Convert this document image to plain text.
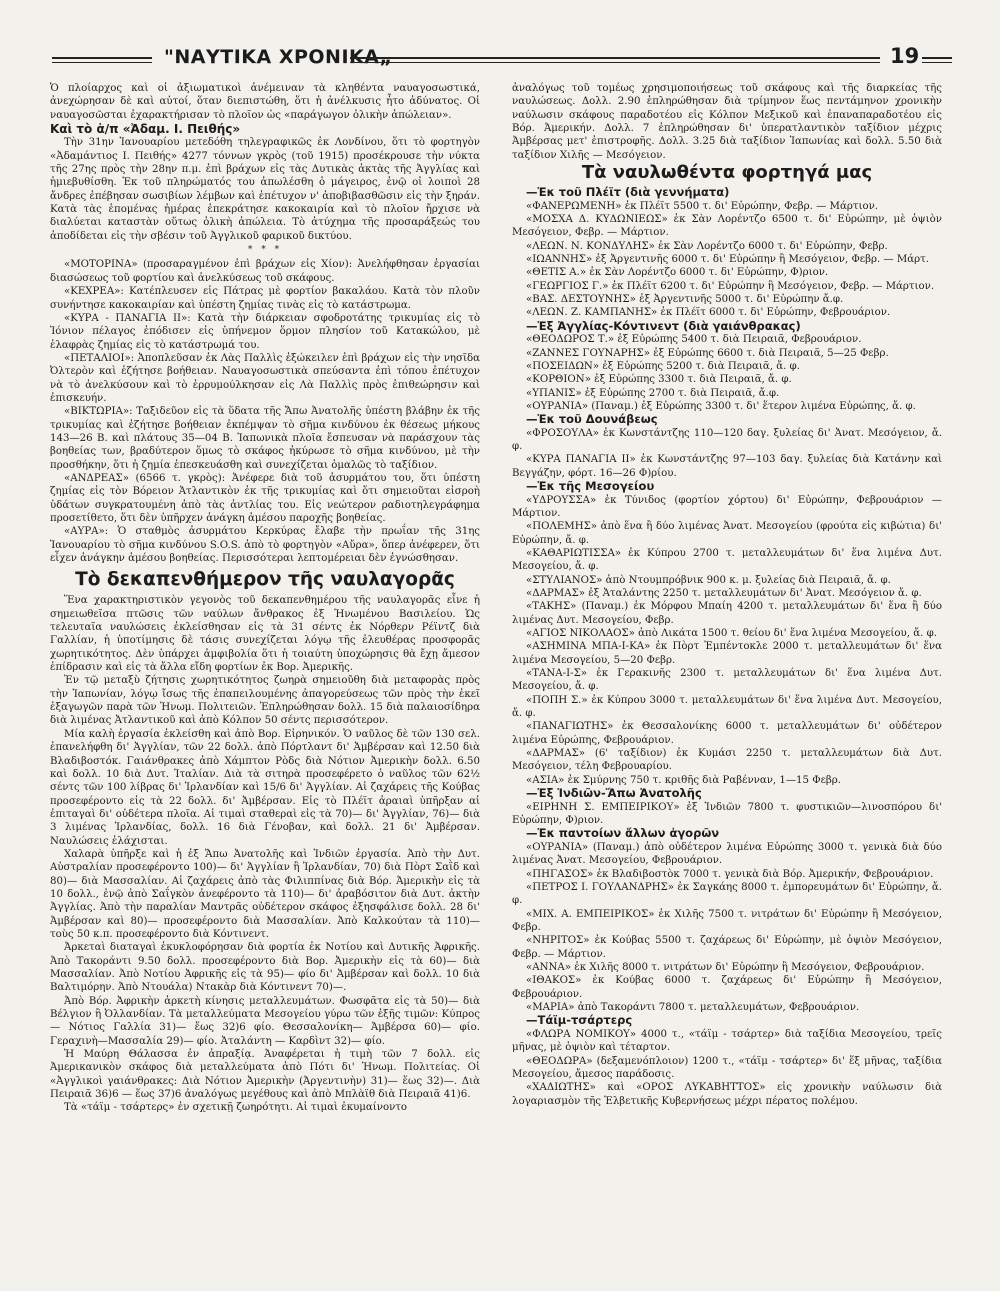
"ΝΑΥΤΙΚΑ ΧΡΟΝΙΚΑ„	19

Ὁ πλοίαρχος καὶ οἱ ἀξιωματικοὶ ἀνέμειναν τὰ κληθέντα ναυαγοσωστικά, ἀνεχώρησαν δὲ καὶ αὐτοί, ὅταν διεπιστώθη, ὅτι ἡ ἀνέλκυσις ἦτο ἀδύνατος. Οἱ ναυαγοσῶσται ἐχαρακτήρισαν τὸ πλοῖον ὡς «παράγωγον ὁλικὴν ἀπώλειαν».

Καὶ τὸ ἁ/π «Ἀδαμ. Ι. Πειθής»

Τὴν 31ην Ἰανουαρίου μετεδόθη τηλεγραφικῶς ἐκ Λονδίνου, ὅτι τὸ φορτηγὸν «Ἀδαμάντιος Ι. Πειθής» 4277 τόννων γκρὸς (τοῦ 1915) προσέκρουσε τὴν νύκτα τῆς 27ης πρὸς τὴν 28ην π.μ. ἐπὶ βράχων εἰς τὰς Δυτικὰς ἀκτὰς τῆς Ἀγγλίας καὶ ἡμιεβυθίσθη. Ἐκ τοῦ πληρώματός του ἀπωλέσθη ὁ μάγειρος, ἐνῷ οἱ λοιποὶ 28 ἄνδρες ἐπέβησαν σωσιβίων λέμβων καὶ ἐπέτυχον ν' ἀποβιβασθῶσιν εἰς τὴν ξηράν. Κατὰ τὰς ἑπομένας ἡμέρας ἐπεκράτησε κακοκαιρία καὶ τὸ πλοῖον ἤρχισε νὰ διαλύεται καταστὰν οὕτως ὁλικὴ ἀπώλεια. Τὸ ἀτύχημα τῆς προσαράξεώς του ἀποδίδεται εἰς τὴν σβέσιν τοῦ Ἀγγλικοῦ φαρικοῦ δικτύου.

* * *

«ΜΟΤΟΡΙΝΑ» (προσαραγμένον ἐπὶ βράχων εἰς Χίον): Ἀνελήφθησαν ἐργασίαι διασώσεως τοῦ φορτίου καὶ ἀνελκύσεως τοῦ σκάφους.

«ΚΕΧΡΕΑ»: Κατέπλευσεν εἰς Πάτρας μὲ φορτίον βακαλάου. Κατὰ τὸν πλοῦν συνήντησε κακοκαιρίαν καὶ ὑπέστη ζημίας τινὰς εἰς τὸ κατάστρωμα.

«ΚΥΡΑ - ΠΑΝΑΓΙΑ ΙΙ»: Κατὰ τὴν διάρκειαν σφοδροτάτης τρικυμίας εἰς τὸ Ἰόνιον πέλαγος ἐπόδισεν εἰς ὑπήνεμον ὅρμον πλησίον τοῦ Κατακώλου, μὲ ἐλαφρὰς ζημίας εἰς τὸ κατάστρωμά του.

«ΠΕΤΑΛΙΟΙ»: Ἀποπλεῦσαν ἐκ Λὰς Παλλὶς ἐξώκειλεν ἐπὶ βράχων εἰς τὴν νησῖδα Ὀλτερὸν καὶ ἐζήτησε βοήθειαν. Ναυαγοσωστικὰ σπεύσαντα ἐπὶ τόπου ἐπέτυχον νὰ τὸ ἀνελκύσουν καὶ τὸ ἐρρυμούλκησαν εἰς Λὰ Παλλὶς πρὸς ἐπιθεώρησιν καὶ ἐπισκευήν.

«ΒΙΚΤΩΡΙΑ»: Ταξιδεῦον εἰς τὰ ὕδατα τῆς Ἄπω Ἀνατολῆς ὑπέστη βλάβην ἐκ τῆς τρικυμίας καὶ ἐζήτησε βοήθειαν ἐκπέμψαν τὸ σῆμα κινδύνου ἐκ θέσεως μήκους 143—26 Β. καὶ πλάτους 35—04 Β. Ἰαπωνικὰ πλοῖα ἔσπευσαν νὰ παράσχουν τὰς βοηθείας των, βραδύτερον ὅμως τὸ σκάφος ἠκύρωσε τὸ σῆμα κινδύνου, μὲ τὴν προσθήκην, ὅτι ἡ ζημία ἐπεσκευάσθη καὶ συνεχίζεται ὁμαλῶς τὸ ταξίδιον.

«ΑΝΔΡΕΑΣ» (6566 τ. γκρὸς): Ἀνέφερε διὰ τοῦ ἀσυρμάτου του, ὅτι ὑπέστη ζημίας εἰς τὸν Βόρειον Ἀτλαντικὸν ἐκ τῆς τρικυμίας καὶ ὅτι σημειοῦται εἰσροὴ ὑδάτων συγκρατουμένη ἀπὸ τὰς ἀντλίας του. Εἰς νεώτερον ραδιοτηλεγράφημα προσετίθετο, ὅτι δὲν ὑπῆρχεν ἀνάγκη ἀμέσου παροχῆς βοηθείας.

«ΑΥΡΑ»: Ὁ σταθμὸς ἀσυρμάτου Κερκύρας ἔλαβε τὴν πρωΐαν τῆς 31ης Ἰανουαρίου τὸ σῆμα κινδύνου S.O.S. ἀπὸ τὸ φορτηγὸν «Αὔρα», ὅπερ ἀνέφερεν, ὅτι εἶχεν ἀνάγκην ἀμέσου βοηθείας. Περισσότεραι λεπτομέρειαι δὲν ἐγνώσθησαν.

Τὸ δεκαπενθήμερον τῆς ναυλαγορᾶς

Ἕνα χαρακτηριστικὸν γεγονὸς τοῦ δεκαπενθημέρου τῆς ναυλαγορᾶς εἶνε ἡ σημειωθεῖσα πτῶσις τῶν ναύλων ἄνθρακος ἐξ Ἡνωμένου Βασιλείου. Ὡς τελευταῖα ναυλώσεις ἐκλείσθησαν εἰς τὰ 31 σέντς ἐκ Νόρθερν Ρέϊντζ διὰ Γαλλίαν, ἡ ὑποτίμησις δὲ τάσις συνεχίζεται λόγῳ τῆς ἐλευθέρας προσφορᾶς χωρητικότητος. Δὲν ὑπάρχει ἀμφιβολία ὅτι ἡ τοιαύτη ὑποχώρησις θὰ ἔχῃ ἄμεσον ἐπίδρασιν καὶ εἰς τὰ ἄλλα εἴδη φορτίων ἐκ Βορ. Ἀμερικῆς.

Ἐν τῷ μεταξὺ ζήτησις χωρητικότητος ζωηρὰ σημειοῦθη διὰ μεταφορὰς πρὸς τὴν Ἰαπωνίαν, λόγῳ ἴσως τῆς ἐπαπειλουμένης ἀπαγορεύσεως τῶν πρὸς τὴν ἐκεῖ ἐξαγωγῶν παρὰ τῶν Ἡνωμ. Πολιτειῶν. Ἐπληρώθησαν δολλ. 15 διὰ παλαιοσίδηρα διὰ λιμένας Ἀτλαντικοῦ καὶ ἀπὸ Κόλπον 50 σέντς περισσότερον.

Μία καλὴ ἐργασία ἐκλείσθη καὶ ἀπὸ Βορ. Εἰρηνικόν. Ὁ ναῦλος δὲ τῶν 130 σελ. ἐπανελήφθη δι' Ἀγγλίαν, τῶν 22 δολλ. ἀπὸ Πόρτλαντ δι' Ἀμβέρσαν καὶ 12.50 διὰ Βλαδιβοστόκ. Γαιάνθρακες ἀπὸ Χάμπτον Ρὸδς διὰ Νότιον Ἀμερικὴν δολλ. 6.50 καὶ δολλ. 10 διὰ Δυτ. Ἰταλίαν. Διὰ τὰ σιτηρὰ προσεφέρετο ὁ ναῦλος τῶν 62½ σέντς τῶν 100 λίβρας δι' Ἰρλανδίαν καὶ 15/6 δι' Ἀγγλίαν. Αἱ ζαχάρεις τῆς Κούβας προσεφέροντο εἰς τὰ 22 δολλ. δι' Ἀμβέρσαν. Εἰς τὸ Πλέϊτ ἀραιαὶ ὑπῆρξαν αἱ ἐπιταγαὶ δι' οὐδέτερα πλοῖα. Αἱ τιμαὶ σταθεραὶ εἰς τὰ 70)— δι' Ἀγγλίαν, 76)— διὰ 3 λιμένας Ἰρλανδίας, δολλ. 16 διὰ Γένοβαν, καὶ δολλ. 21 δι' Ἀμβέρσαν. Ναυλώσεις ἐλάχισται.

Χαλαρὰ ὑπῆρξε καὶ ἡ ἐξ Ἄπω Ἀνατολῆς καὶ Ἰνδιῶν ἐργασία. Ἀπὸ τὴν Δυτ. Αὐστραλίαν προσεφέροντο 100)— δι' Ἀγγλίαν ἢ Ἰρλανδίαν, 70) διὰ Πὸρτ Σαῒδ καὶ 80)— διὰ Μασσαλίαν. Αἱ ζαχάρεις ἀπὸ τὰς Φιλιππίνας διὰ Βόρ. Ἀμερικὴν εἰς τὰ 10 δολλ., ἐνῷ ἀπὸ Σαΐγκὸν ἀνεφέροντο τὰ 110)— δι' ἀραβόσιτον διὰ Δυτ. ἀκτὴν Ἀγγλίας. Ἀπὸ τὴν παραλίαν Μαντρᾶς οὐδέτερον σκάφος ἐξησφάλισε δολλ. 28 δι' Ἀμβέρσαν καὶ 80)— προσεφέροντο διὰ Μασσαλίαν. Ἀπὸ Καλκούταν τὰ 110)— τοὺς 50 κ.π. προσεφέροντο διὰ Κόντινεντ.

Ἀρκεταὶ διαταγαὶ ἐκυκλοφόρησαν διὰ φορτία ἐκ Νοτίου καὶ Δυτικῆς Ἀφρικῆς. Ἀπὸ Τακοράντι 9.50 δολλ. προσεφέροντο διὰ Βορ. Ἀμερικὴν εἰς τὰ 60)— διὰ Μασσαλίαν. Ἀπὸ Νοτίου Ἀφρικῆς εἰς τὰ 95)— φίο δι' Ἀμβέρσαν καὶ δολλ. 10 διὰ Βαλτιμόρην. Ἀπὸ Ντουάλα) Ντακὰρ διὰ Κόντινεντ 70)—.

Ἀπὸ Βόρ. Ἀφρικὴν ἀρκετὴ κίνησις μεταλλευμάτων. Φωσφᾶτα εἰς τὰ 50)— διὰ Βέλγιον ἢ Ὀλλανδίαν. Τὰ μεταλλεύματα Μεσογείου γύρω τῶν ἑξῆς τιμῶν: Κύπρος — Νότιος Γαλλία 31)— ἕως 32)6 φίο. Θεσσαλονίκη— Ἀμβέρσα 60)— φίο. Γεραχινὴ—Μασσαλία 29)— φίο. Ἀταλάντη — Καρδὶντ 32)— φίο.

Ἡ Μαύρη Θάλασσα ἐν ἀπραξίᾳ. Ἀναφέρεται ἡ τιμὴ τῶν 7 δολλ. εἰς Ἀμερικανικὸν σκάφος διὰ μεταλλεύματα ἀπὸ Πότι δι' Ἡνωμ. Πολιτείας. Οἱ «Ἀγγλικοὶ γαιάνθρακες: Διὰ Νότιον Ἀμερικὴν (Ἀργεντινὴν) 31)— ἕως 32)—. Διὰ Πειραιᾶ 36)6 — ἕως 37)6 ἀναλόγως μεγέθους καὶ ἀπὸ Μπλὰϊθ διὰ Πειραιᾶ 41)6.

Τὰ «τάϊμ - τσάρτερς» ἐν σχετικῇ ζωηρότητι. Αἱ τιμαὶ ἐκυμαίνοντο

ἀναλόγως τοῦ τομέως χρησιμοποιήσεως τοῦ σκάφους καὶ τῆς διαρκείας τῆς ναυλώσεως. Δολλ. 2.90 ἐπληρώθησαν διὰ τρίμηνον ἕως πεντάμηνον χρονικὴν ναύλωσιν σκάφους παραδοτέου εἰς Κόλπον Μεξικοῦ καὶ ἐπαναπαραδοτέου εἰς Βόρ. Ἀμερικήν. Δολλ. 7 ἐπληρώθησαν δι' ὑπερατλαντικὸν ταξίδιον μέχρις Ἀμβέρσας μετ' ἐπιστροφῆς. Δολλ. 3.25 διὰ ταξίδιον Ἰαπωνίας καὶ δολλ. 5.50 διὰ ταξίδιον Χιλῆς — Μεσόγειον.

Τὰ ναυλωθέντα φορτηγά μας

—Ἐκ τοῦ Πλέϊτ (διὰ γεννήματα)

«ΦΑΝΕΡΩΜΕΝΗ» ἐκ Πλέϊτ 5500 τ. δι' Εὐρώπην, Φεβρ. — Μάρτιον.

«ΜΟΣΧΑ Δ. ΚΥΔΩΝΙΕΩΣ» ἐκ Σὰν Λορέντζο 6500 τ. δι' Εὐρώπην, μὲ ὀψιὸν Μεσόγειον, Φεβρ. — Μάρτιον.

«ΛΕΩΝ. Ν. ΚΟΝΔΥΛΗΣ» ἐκ Σὰν Λορέντζο 6000 τ. δι' Εὐρώπην, Φεβρ.

«ΙΩΑΝΝΗΣ» ἐξ Ἀργεντινῆς 6000 τ. δι' Εὐρώπην ἢ Μεσόγειον, Φεβρ. — Μάρτ.

«ΘΕΤΙΣ Α.» ἐκ Σὰν Λορέντζο 6000 τ. δι' Εὐρώπην, Φ)ριον.

«ΓΕΩΡΓΙΟΣ Γ.» ἐκ Πλέϊτ 6200 τ. δι' Εὐρώπην ἢ Μεσόγειον, Φεβρ. — Μάρτιον.

«ΒΑΣ. ΔΕΣΤΟΥΝΗΣ» ἐξ Ἀργεντινῆς 5000 τ. δι' Εὐρώπην ἄ.φ.

«ΛΕΩΝ. Ζ. ΚΑΜΠΑΝΗΣ» ἐκ Πλέϊτ 6000 τ. δι' Εὐρώπην, Φεβρουάριον.

—Ἐξ Ἀγγλίας-Κόντινεντ (διὰ γαιάνθρακας)

«ΘΕΟΔΩΡΟΣ Τ.» ἐξ Εὐρώπης 5400 τ. διὰ Πειραιᾶ, Φεβρουάριον.

«ΖΑΝΝΕΣ ΓΟΥΝΑΡΗΣ» ἐξ Εὐρώπης 6600 τ. διὰ Πειραιᾶ, 5—25 Φεβρ.

«ΠΟΣΕΙΔΩΝ» ἐξ Εὐρώπης 5200 τ. διὰ Πειραιᾶ, ἄ. φ.

«ΚΟΡΘΙΟΝ» ἐξ Εὐρώπης 3300 τ. διὰ Πειραιᾶ, ἄ. φ.

«ΥΠΑΝΙΣ» ἐξ Εὐρώπης 2700 τ. διὰ Πειραιᾶ, ἄ.φ.

«ΟΥΡΑΝΙΑ» (Παναμ.) ἐξ Εὐρώπης 3300 τ. δι' ἕτερον λιμένα Εὐρώπης, ἄ. φ.

—Ἐκ τοῦ Δουνάβεως

«ΦΡΟΣΟΥΛΑ» ἐκ Κωνστάντζης 110—120 δαγ. ξυλείας δι' Ἀνατ. Μεσόγειον, ἄ. φ.

«ΚΥΡΑ ΠΑΝΑΓΙΑ ΙΙ» ἐκ Κωνστάντζης 97—103 δαγ. ξυλείας διὰ Κατάνην καὶ Βεγγάζην, φόρτ. 16—26 Φ)ρίου.

—Ἐκ τῆς Μεσογείου

«ΥΔΡΟΥΣΣΑ» ἐκ Τύνιδος (φορτίον χόρτου) δι' Εὐρώπην, Φεβρουάριον — Μάρτιον.

«ΠΟΛΕΜΗΣ» ἀπὸ ἕνα ἢ δύο λιμένας Ἀνατ. Μεσογείου (φρούτα εἰς κιβώτια) δι' Εὐρώπην, ἄ. φ.

«ΚΑΘΑΡΙΩΤΙΣΣΑ» ἐκ Κύπρου 2700 τ. μεταλλευμάτων δι' ἕνα λιμένα Δυτ. Μεσογείου, ἄ. φ.

«ΣΤΥΛΙΑΝΟΣ» ἀπὸ Ντουμπρόβνικ 900 κ. μ. ξυλείας διὰ Πειραιᾶ, ἄ. φ.

«ΔΑΡΜΑΣ» ἐξ Ἀταλάντης 2250 τ. μεταλλευμάτων δι' Ἀνατ. Μεσόγειον ἄ. φ.

«ΤΑΚΗΣ» (Παναμ.) ἐκ Μόρφου Μπαίη 4200 τ. μεταλλευμάτων δι' ἕνα ἢ δύο λιμένας Δυτ. Μεσογείου, Φεβρ.

«ΑΓΙΟΣ ΝΙΚΟΛΑΟΣ» ἀπὸ Λικάτα 1500 τ. θείου δι' ἕνα λιμένα Μεσογείου, ἄ. φ.

«ΑΣΗΜΙΝΑ ΜΠΑ-Ι-ΚΑ» ἐκ Πὸρτ Ἐμπέντοκλε 2000 τ. μεταλλευμάτων δι' ἕνα λιμένα Μεσογείου, 5—20 Φεβρ.

«ΤΑΝΑ-Ι-Σ» ἐκ Γερακινῆς 2300 τ. μεταλλευμάτων δι' ἕνα λιμένα Δυτ. Μεσογείου, ἄ. φ.

«ΠΟΠΗ Σ.» ἐκ Κύπρου 3000 τ. μεταλλευμάτων δι' ἕνα λιμένα Δυτ. Μεσογείου, ἄ. φ.

«ΠΑΝΑΓΙΩΤΗΣ» ἐκ Θεσσαλονίκης 6000 τ. μεταλλευμάτων δι' οὐδέτερον λιμένα Εὐρώπης, Φεβρουάριον.

«ΔΑΡΜΑΣ» (6' ταξίδιον) ἐκ Κυμάσι 2250 τ. μεταλλευμάτων διὰ Δυτ. Μεσόγειον, τέλη Φεβρουαρίου.

«ΑΣΙΑ» ἐκ Σμύρνης 750 τ. κριθῆς διὰ Ραβένναν, 1—15 Φεβρ.

—Ἐξ Ἰνδιῶν-Ἄπω Ἀνατολῆς

«ΕΙΡΗΝΗ Σ. ΕΜΠΕΙΡΙΚΟΥ» ἐξ Ἰνδιῶν 7800 τ. φυστικιῶν—λινοσπόρου δι' Εὐρώπην, Φ)ριον.

—Ἐκ παντοίων ἄλλων ἀγορῶν

«ΟΥΡΑΝΙΑ» (Παναμ.) ἀπὸ οὐδέτερον λιμένα Εὐρώπης 3000 τ. γενικὰ διὰ δύο λιμένας Ἀνατ. Μεσογείου, Φεβρουάριον.

«ΠΗΓΑΣΟΣ» ἐκ Βλαδιβοστὸκ 7000 τ. γενικὰ διὰ Βόρ. Ἀμερικήν, Φεβρουάριον.

«ΠΕΤΡΟΣ Ι. ΓΟΥΛΑΝΔΡΗΣ» ἐκ Σαγκάης 8000 τ. ἐμπορευμάτων δι' Εὐρώπην, ἄ. φ.

«ΜΙΧ. Α. ΕΜΠΕΙΡΙΚΟΣ» ἐκ Χιλῆς 7500 τ. νιτράτων δι' Εὐρώπην ἢ Μεσόγειον, Φεβρ.

«ΝΗΡΙΤΟΣ» ἐκ Κούβας 5500 τ. ζαχάρεως δι' Εὐρώπην, μὲ ὀψιὸν Μεσόγειον, Φεβρ. — Μάρτιον.

«ΑΝΝΑ» ἐκ Χιλῆς 8000 τ. νιτράτων δι' Εὐρώπην ἢ Μεσόγειον, Φεβρουάριον.

«ΙΘΑΚΟΣ» ἐκ Κούβας 6000 τ. ζαχάρεως δι' Εὐρώπην ἢ Μεσόγειον, Φεβρουάριον.

«ΜΑΡΙΑ» ἀπὸ Τακοράντι 7800 τ. μεταλλευμάτων, Φεβρουάριον.

—Τάϊμ-τσάρτερς

«ΦΛΩΡΑ ΝΟΜΙΚΟΥ» 4000 τ., «τάϊμ - τσάρτερ» διὰ ταξίδια Μεσογείου, τρεῖς μῆνας, μὲ ὀψιὸν καὶ τέταρτον.

«ΘΕΟΔΩΡΑ» (δεξαμενόπλοιον) 1200 τ., «τάϊμ - τσάρτερ» δι' ἕξ μῆνας, ταξίδια Μεσογείου, ἄμεσος παράδοσις.

«ΧΑΔΙΩΤΗΣ» καὶ «ΟΡΟΣ ΛΥΚΑΒΗΤΤΟΣ» εἰς χρονικὴν ναύλωσιν διὰ λογαριασμὸν τῆς Ἑλβετικῆς Κυβερνήσεως μέχρι πέρατος πολέμου.
